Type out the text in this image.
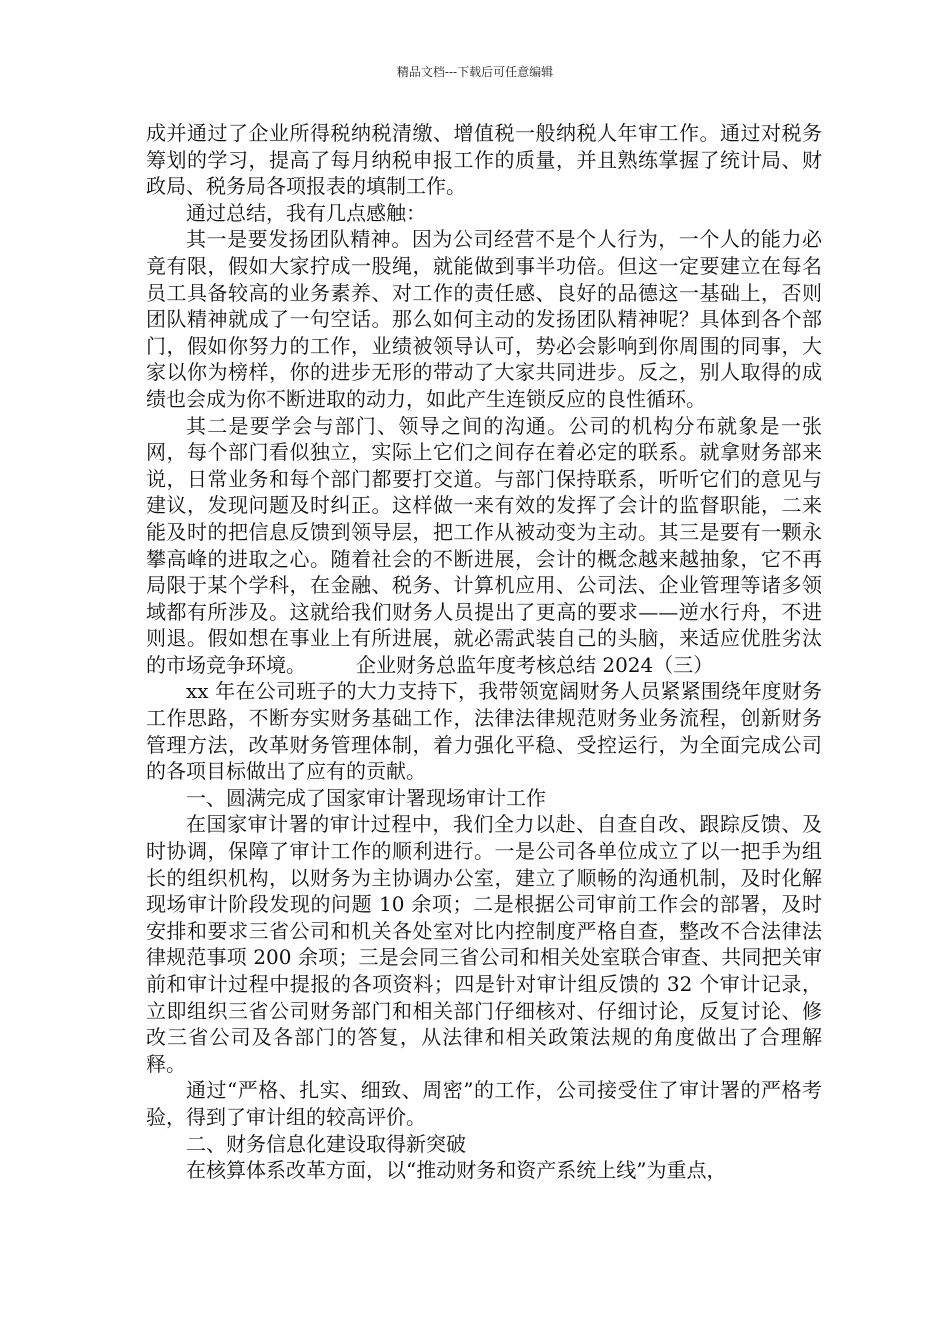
精品文档---下载后可任意编辑

成并通过了企业所得税纳税清缴、增值税一般纳税人年审工作。通过对税务筹划的学习，提高了每月纳税申报工作的质量，并且熟练掌握了统计局、财政局、税务局各项报表的填制工作。

通过总结，我有几点感触：

其一是要发扬团队精神。因为公司经营不是个人行为，一个人的能力必竟有限，假如大家拧成一股绳，就能做到事半功倍。但这一定要建立在每名员工具备较高的业务素养、对工作的责任感、良好的品德这一基础上，否则团队精神就成了一句空话。那么如何主动的发扬团队精神呢？具体到各个部门，假如你努力的工作，业绩被领导认可，势必会影响到你周围的同事，大家以你为榜样，你的进步无形的带动了大家共同进步。反之，别人取得的成绩也会成为你不断进取的动力，如此产生连锁反应的良性循环。

其二是要学会与部门、领导之间的沟通。公司的机构分布就象是一张网，每个部门看似独立，实际上它们之间存在着必定的联系。就拿财务部来说，日常业务和每个部门都要打交道。与部门保持联系，听听它们的意见与建议，发现问题及时纠正。这样做一来有效的发挥了会计的监督职能，二来能及时的把信息反馈到领导层，把工作从被动变为主动。其三是要有一颗永攀高峰的进取之心。随着社会的不断进展，会计的概念越来越抽象，它不再局限于某个学科，在金融、税务、计算机应用、公司法、企业管理等诸多领域都有所涉及。这就给我们财务人员提出了更高的要求——逆水行舟，不进则退。假如想在事业上有所进展，就必需武装自己的头脑，来适应优胜劣汰的市场竞争环境。	企业财务总监年度考核总结 2024（三）

xx 年在公司班子的大力支持下，我带领宽阔财务人员紧紧围绕年度财务工作思路，不断夯实财务基础工作，法律法律规范财务业务流程，创新财务管理方法，改革财务管理体制，着力强化平稳、受控运行，为全面完成公司的各项目标做出了应有的贡献。

一、圆满完成了国家审计署现场审计工作

在国家审计署的审计过程中，我们全力以赴、自查自改、跟踪反馈、及时协调，保障了审计工作的顺利进行。一是公司各单位成立了以一把手为组长的组织机构，以财务为主协调办公室，建立了顺畅的沟通机制，及时化解现场审计阶段发现的问题 10 余项；二是根据公司审前工作会的部署，及时安排和要求三省公司和机关各处室对比内控制度严格自查，整改不合法律法律规范事项 200 余项；三是会同三省公司和相关处室联合审查、共同把关审前和审计过程中提报的各项资料；四是针对审计组反馈的 32 个审计记录，立即组织三省公司财务部门和相关部门仔细核对、仔细讨论，反复讨论、修改三省公司及各部门的答复，从法律和相关政策法规的角度做出了合理解释。

通过“严格、扎实、细致、周密”的工作，公司接受住了审计署的严格考验，得到了审计组的较高评价。

二、财务信息化建设取得新突破

在核算体系改革方面，以“推动财务和资产系统上线”为重点，
